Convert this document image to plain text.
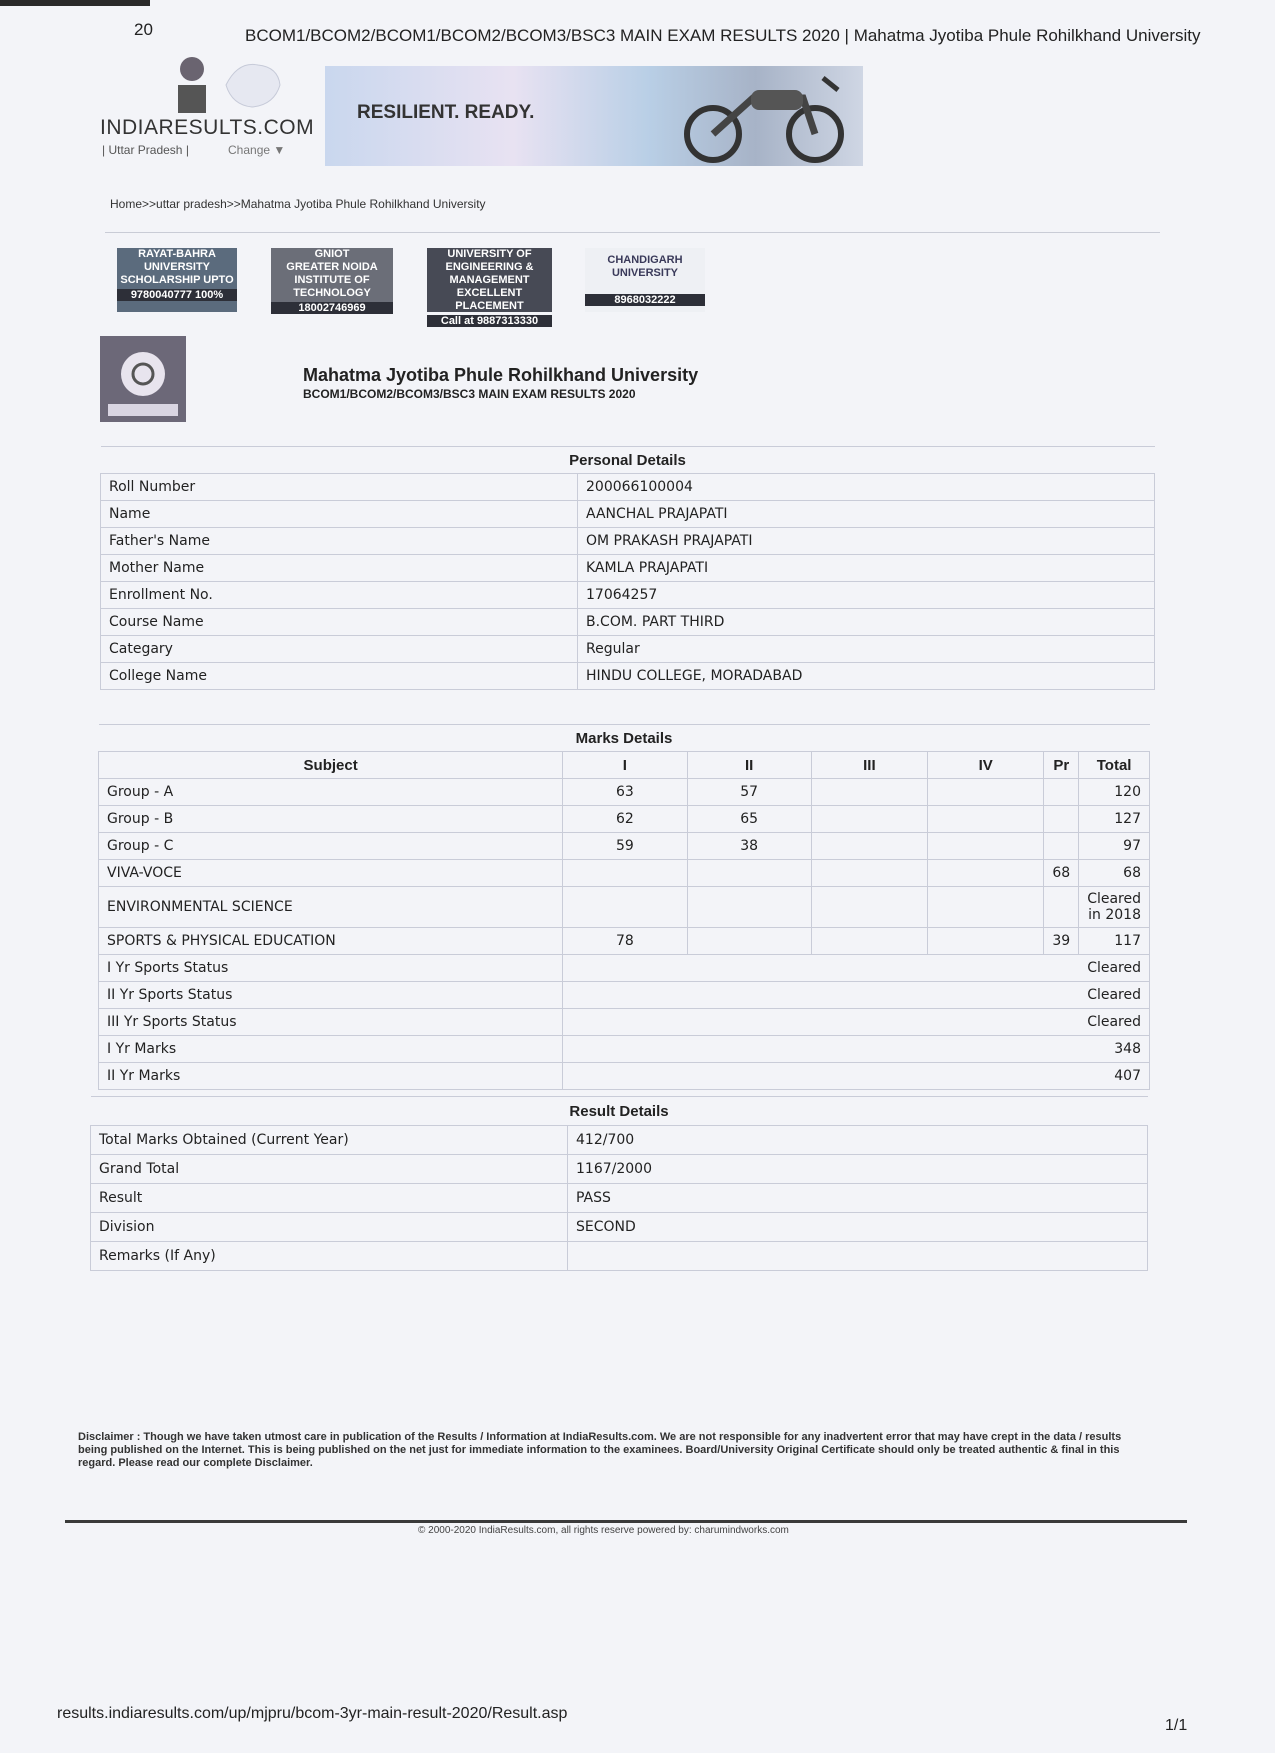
20	BCOM1/BCOM2/BCOM1/BCOM2/BCOM3/BSC3 MAIN EXAM RESULTS 2020 | Mahatma Jyotiba Phule Rohilkhand University
INDIARESULTS.COM
| Uttar Pradesh |	Change ▼
RESILIENT. READY.
Home>>uttar pradesh>>Mahatma Jyotiba Phule Rohilkhand University
RAYAT-BAHRA UNIVERSITY
SCHOLARSHIP UPTO
9780040777 100%
GNIOT
GREATER NOIDA INSTITUTE OF TECHNOLOGY
18002746969
UNIVERSITY OF ENGINEERING & MANAGEMENT
EXCELLENT PLACEMENT
Call at 9887313330
CHANDIGARH UNIVERSITY
8968032222
Mahatma Jyotiba Phule Rohilkhand University
BCOM1/BCOM2/BCOM3/BSC3 MAIN EXAM RESULTS 2020
Personal Details	
Roll Number	200066100004
Name	AANCHAL PRAJAPATI
Father's Name	OM PRAKASH PRAJAPATI
Mother Name	KAMLA PRAJAPATI
Enrollment No.	17064257
Course Name	B.COM. PART THIRD
Categary	Regular
College Name	HINDU COLLEGE, MORADABAD
Marks Details						
Subject	I	II	III	IV	Pr	Total
Group - A	63	57				120
Group - B	62	65				127
Group - C	59	38				97
VIVA-VOCE					68	68
ENVIRONMENTAL SCIENCE						Cleared in 2018
SPORTS & PHYSICAL EDUCATION	78				39	117
I Yr Sports Status	Cleared					
II Yr Sports Status	Cleared					
III Yr Sports Status	Cleared					
I Yr Marks	348					
II Yr Marks	407					
Result Details	
Total Marks Obtained (Current Year)	412/700
Grand Total	1167/2000
Result	PASS
Division	SECOND
Remarks (If Any)	
Disclaimer : Though we have taken utmost care in publication of the Results / Information at IndiaResults.com. We are not responsible for any inadvertent error that may have crept in the data / results being published on the Internet. This is being published on the net just for immediate information to the examinees. Board/University Original Certificate should only be treated authentic & final in this regard. Please read our complete Disclaimer.
© 2000-2020 IndiaResults.com, all rights reserve powered by: charumindworks.com
results.indiaresults.com/up/mjpru/bcom-3yr-main-result-2020/Result.asp
1/1
